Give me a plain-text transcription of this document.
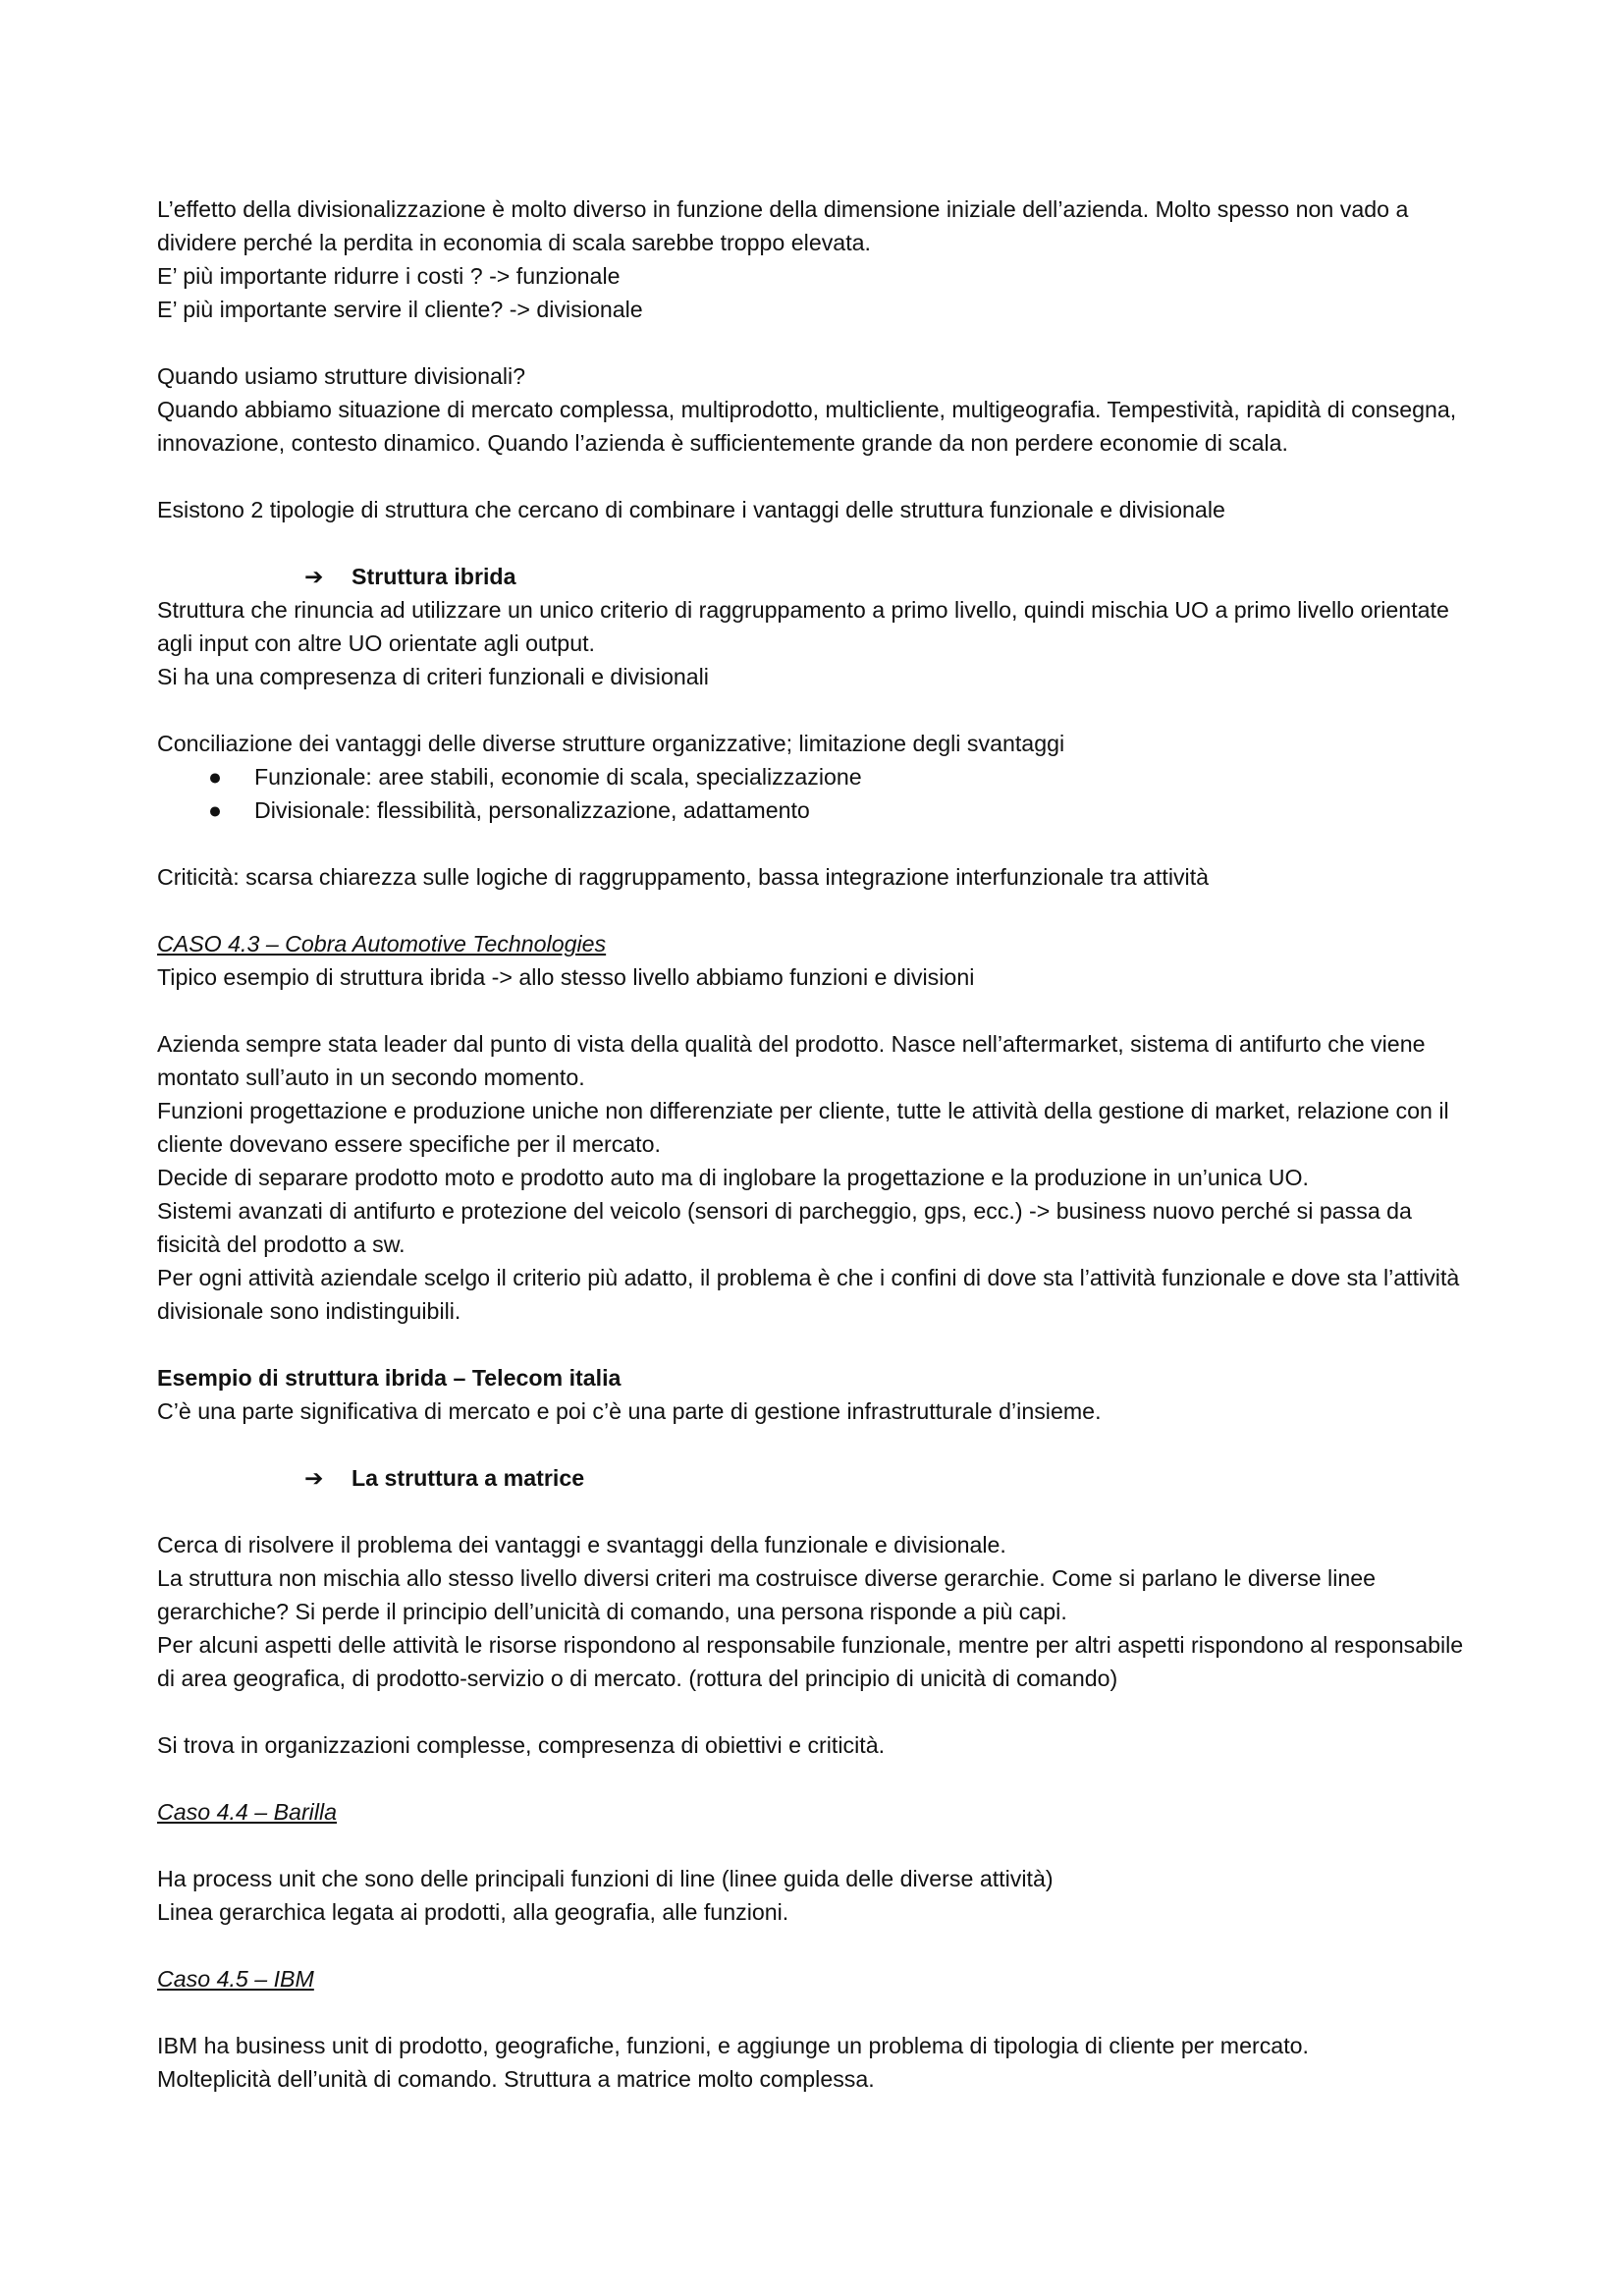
L’effetto della divisionalizzazione è molto diverso in funzione della dimensione iniziale dell’azienda. Molto spesso non vado a dividere perché la perdita in economia di scala sarebbe troppo elevata.

E’ più importante ridurre i costi ? -> funzionale

E’ più importante servire il cliente? -> divisionale

Quando usiamo strutture divisionali?

Quando abbiamo situazione di mercato complessa, multiprodotto, multicliente, multigeografia. Tempestività, rapidità di consegna, innovazione, contesto dinamico. Quando l’azienda è sufficientemente grande da non perdere economie di scala.

Esistono 2 tipologie di struttura che cercano di combinare i vantaggi delle struttura funzionale e divisionale

➔ Struttura ibrida

Struttura che rinuncia ad utilizzare un unico criterio di raggruppamento a primo livello, quindi mischia UO a primo livello orientate agli input con altre UO orientate agli output.

Si ha una compresenza di criteri funzionali e divisionali

Conciliazione dei vantaggi delle diverse strutture organizzative; limitazione degli svantaggi

● Funzionale: aree stabili, economie di scala, specializzazione
● Divisionale: flessibilità, personalizzazione, adattamento

Criticità: scarsa chiarezza sulle logiche di raggruppamento, bassa integrazione interfunzionale tra attività

CASO 4.3 – Cobra Automotive Technologies

Tipico esempio di struttura ibrida -> allo stesso livello abbiamo funzioni e divisioni

Azienda sempre stata leader dal punto di vista della qualità del prodotto. Nasce nell’aftermarket, sistema di antifurto che viene montato sull’auto in un secondo momento.

Funzioni progettazione e produzione uniche non differenziate per cliente, tutte le attività della gestione di market, relazione con il cliente dovevano essere specifiche per il mercato.

Decide di separare prodotto moto e prodotto auto ma di inglobare la progettazione e la produzione in un’unica UO.

Sistemi avanzati di antifurto e protezione del veicolo (sensori di parcheggio, gps, ecc.) -> business nuovo perché si passa da fisicità del prodotto a sw.

Per ogni attività aziendale scelgo il criterio più adatto, il problema è che i confini di dove sta l’attività funzionale e dove sta l’attività divisionale sono indistinguibili.

Esempio di struttura ibrida – Telecom italia

C’è una parte significativa di mercato e poi c’è una parte di gestione infrastrutturale d’insieme.

➔ La struttura a matrice

Cerca di risolvere il problema dei vantaggi e svantaggi della funzionale e divisionale.

La struttura non mischia allo stesso livello diversi criteri ma costruisce diverse gerarchie. Come si parlano le diverse linee gerarchiche? Si perde il principio dell’unicità di comando, una persona risponde a più capi.

Per alcuni aspetti delle attività le risorse rispondono al responsabile funzionale, mentre per altri aspetti rispondono al responsabile di area geografica, di prodotto-servizio o di mercato. (rottura del principio di unicità di comando)

Si trova in organizzazioni complesse, compresenza di obiettivi e criticità.

Caso 4.4 – Barilla

Ha process unit che sono delle principali funzioni di line (linee guida delle diverse attività)

Linea gerarchica legata ai prodotti, alla geografia, alle funzioni.

Caso 4.5 – IBM

IBM ha business unit di prodotto, geografiche, funzioni, e aggiunge un problema di tipologia di cliente per mercato.

Molteplicità dell’unità di comando. Struttura a matrice molto complessa.
